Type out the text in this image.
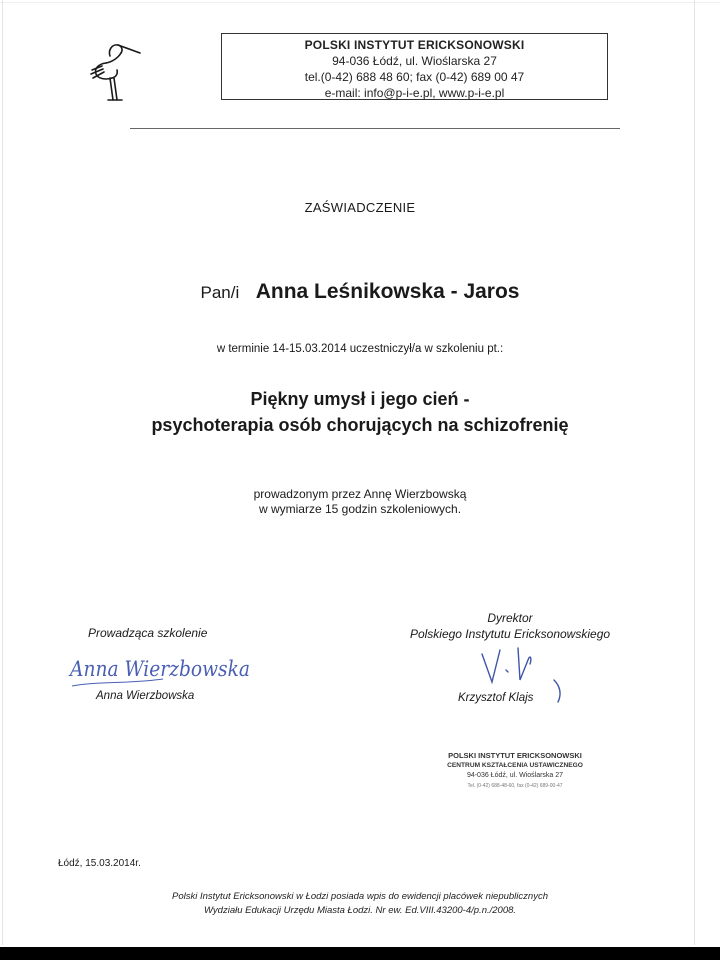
POLSKI INSTYTUT ERICKSONOWSKI
94-036 Łódź, ul. Wioślarska 27
tel.(0-42) 688 48 60; fax (0-42) 689 00 47
e-mail: info@p-i-e.pl, www.p-i-e.pl
ZAŚWIADCZENIE
Pan/i Anna Leśnikowska - Jaros
w terminie 14-15.03.2014 uczestniczył/a w szkoleniu pt.:
Piękny umysł i jego cień -
psychoterapia osób chorujących na schizofrenię
prowadzonym przez Annę Wierzbowską
w wymiarze 15 godzin szkoleniowych.
Prowadząca szkolenie
Anna Wierzbowska
Anna Wierzbowska
Dyrektor
Polskiego Instytutu Ericksonowskiego
Krzysztof Klajs
POLSKI INSTYTUT ERICKSONOWSKI
CENTRUM KSZTAŁCENIA USTAWICZNEGO
94-036 Łódź, ul. Wioślarska 27
Tel. (0-42) 688-48-60, fax (0-42) 689-00-47
Łódź, 15.03.2014r.
Polski Instytut Ericksonowski w Łodzi posiada wpis do ewidencji placówek niepublicznych
Wydziału Edukacji Urzędu Miasta Łodzi. Nr ew. Ed.VIII.43200-4/p.n./2008.
